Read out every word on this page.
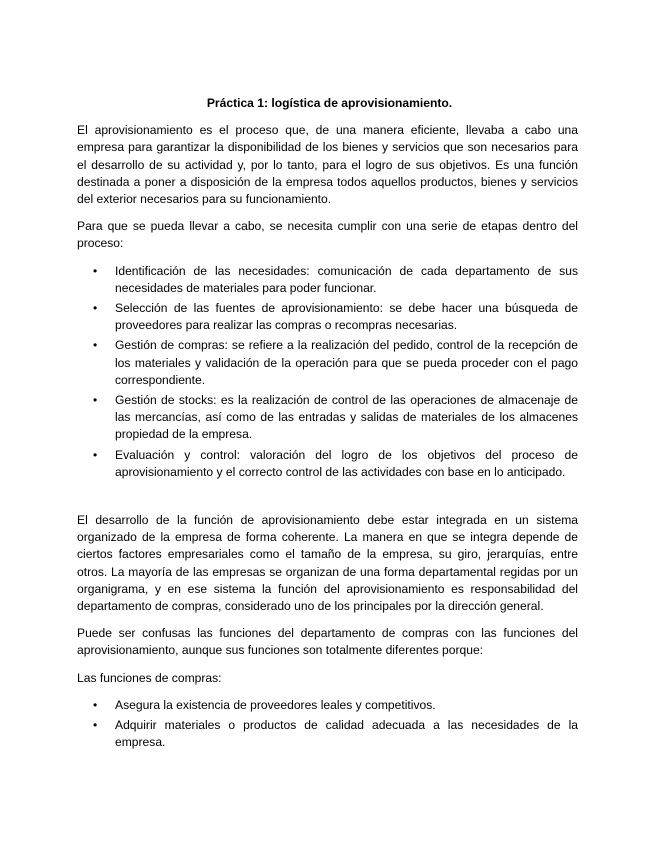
Práctica 1: logística de aprovisionamiento.

El aprovisionamiento es el proceso que, de una manera eficiente, llevaba a cabo una empresa para garantizar la disponibilidad de los bienes y servicios que son necesarios para el desarrollo de su actividad y, por lo tanto, para el logro de sus objetivos. Es una función destinada a poner a disposición de la empresa todos aquellos productos, bienes y servicios del exterior necesarios para su funcionamiento.

Para que se pueda llevar a cabo, se necesita cumplir con una serie de etapas dentro del proceso:

• Identificación de las necesidades: comunicación de cada departamento de sus necesidades de materiales para poder funcionar.
• Selección de las fuentes de aprovisionamiento: se debe hacer una búsqueda de proveedores para realizar las compras o recompras necesarias.
• Gestión de compras: se refiere a la realización del pedido, control de la recepción de los materiales y validación de la operación para que se pueda proceder con el pago correspondiente.
• Gestión de stocks: es la realización de control de las operaciones de almacenaje de las mercancías, así como de las entradas y salidas de materiales de los almacenes propiedad de la empresa.
• Evaluación y control: valoración del logro de los objetivos del proceso de aprovisionamiento y el correcto control de las actividades con base en lo anticipado.

El desarrollo de la función de aprovisionamiento debe estar integrada en un sistema organizado de la empresa de forma coherente. La manera en que se integra depende de ciertos factores empresariales como el tamaño de la empresa, su giro, jerarquías, entre otros. La mayoría de las empresas se organizan de una forma departamental regidas por un organigrama, y en ese sistema la función del aprovisionamiento es responsabilidad del departamento de compras, considerado uno de los principales por la dirección general.

Puede ser confusas las funciones del departamento de compras con las funciones del aprovisionamiento, aunque sus funciones son totalmente diferentes porque:

Las funciones de compras:

• Asegura la existencia de proveedores leales y competitivos.
• Adquirir materiales o productos de calidad adecuada a las necesidades de la empresa.
